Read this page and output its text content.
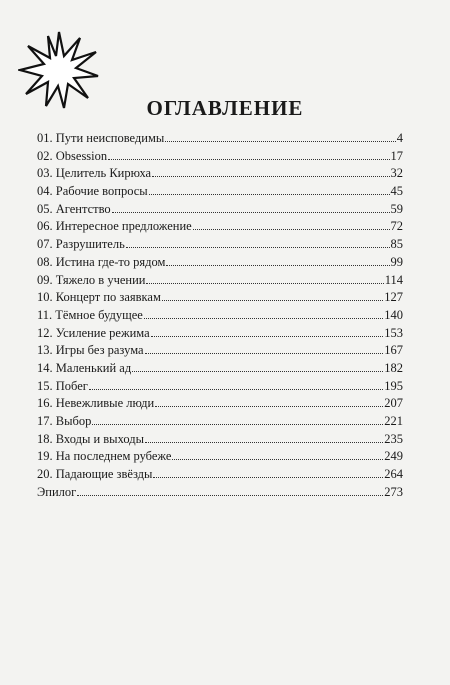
ОГЛАВЛЕНИЕ
01. Пути неисповедимы	4
02. Obsession	17
03. Целитель Кирюха	32
04. Рабочие вопросы	45
05. Агентство	59
06. Интересное предложение	72
07. Разрушитель	85
08. Истина где-то рядом	99
09. Тяжело в учении	114
10. Концерт по заявкам	127
11. Тёмное будущее	140
12. Усиление режима	153
13. Игры без разума	167
14. Маленький ад	182
15. Побег	195
16. Невежливые люди	207
17. Выбор	221
18. Входы и выходы	235
19. На последнем рубеже	249
20. Падающие звёзды	264
Эпилог	273
